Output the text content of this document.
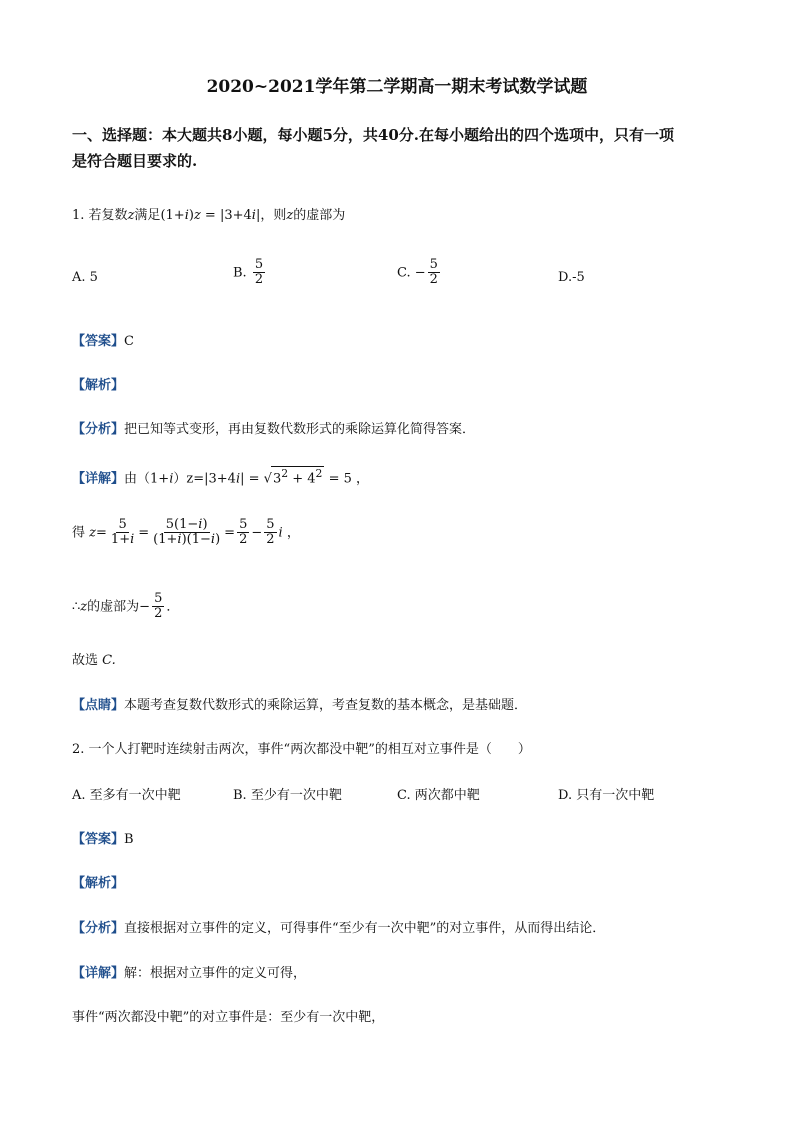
2020~2021学年第二学期高一期末考试数学试题
一、选择题：本大题共8小题，每小题5分，共40分.在每小题给出的四个选项中，只有一项
是符合题目要求的.
1. 若复数z满足(1+i)z = |3+4i|，则z的虚部为
A. 5	B. $\frac{5}{2}$	C. − $\frac{5}{2}$	D.-5
【答案】C
【解析】
【分析】把已知等式变形，再由复数代数形式的乘除运算化简得答案．
【详解】由$(1+i)z=|3+4i| = √3^2 + 4^2 = 5$ ，
得 $z= \frac{5}{1+i} = \frac{5(1-i)}{(1+i)(1-i)} = \frac{5}{2} - \frac{5}{2}$ i ，
∴z的虚部为− $\frac{5}{2}$ ．
故选 C.
【点睛】本题考查复数代数形式的乘除运算，考查复数的基本概念，是基础题．
2. 一个人打靶时连续射击两次，事件“两次都没中靶”的相互对立事件是（　　）
A. 至多有一次中靶	B. 至少有一次中靶	C. 两次都中靶	D. 只有一次中靶
【答案】B
【解析】
【分析】直接根据对立事件的定义，可得事件“至少有一次中靶”的对立事件，从而得出结论．
【详解】解：根据对立事件的定义可得，
事件“两次都没中靶”的对立事件是：至少有一次中靶，
